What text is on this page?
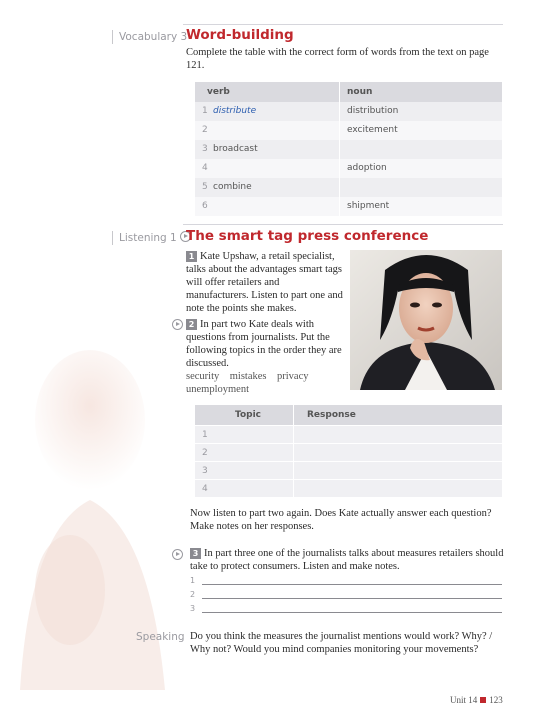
Vocabulary 3
Word-building
Complete the table with the correct form of words from the text on page 121.
verb	noun
1 distribute	distribution
2	excitement
3 broadcast
4	adoption
5 combine
6	shipment
Listening 1 The smart tag press conference
1 Kate Upshaw, a retail specialist, talks about the advantages smart tags will offer retailers and manufacturers. Listen to part one and note the points she makes.
2 In part two Kate deals with questions from journalists. Put the following topics in the order they are discussed.
security mistakes privacy
unemployment
Topic	Response
1
2
3
4
Now listen to part two again. Does Kate actually answer each question? Make notes on her responses.
3 In part three one of the journalists talks about measures retailers should take to protect consumers. Listen and make notes.
1
2
3
Speaking Do you think the measures the journalist mentions would work? Why? / Why not? Would you mind companies monitoring your movements?
Unit 14 123
